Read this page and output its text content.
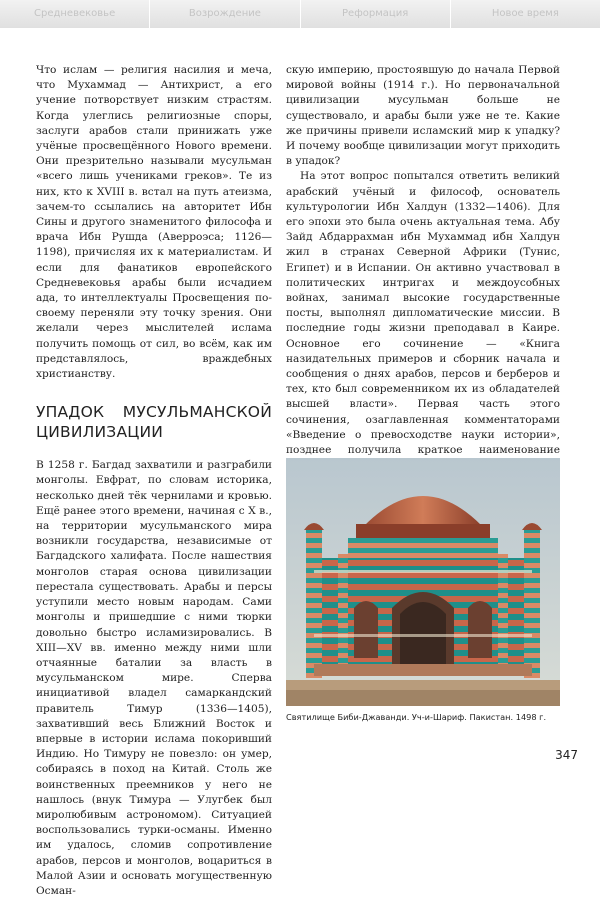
Средневековье	Возрождение	Реформация	Новое время

Что ислам — религия насилия и меча, что Мухаммад — Антихрист, а его учение потворствует низким страстям. Когда улеглись религиозные споры, заслуги арабов стали принижать уже учёные просвещённого Нового времени. Они презрительно называли мусульман «всего лишь учениками греков». Те из них, кто к XVIII в. встал на путь атеизма, зачем-то ссылались на авторитет Ибн Сины и другого знаменитого философа и врача Ибн Рушда (Аверроэса; 1126—1198), причисляя их к материалистам. И если для фанатиков европейского Средневековья арабы были исчадием ада, то интеллектуалы Просвещения по-своему переняли эту точку зрения. Они желали через мыслителей ислама получить помощь от сил, во всём, как им представлялось, враждебных христианству.

УПАДОК МУСУЛЬМАНСКОЙ ЦИВИЛИЗАЦИИ

В 1258 г. Багдад захватили и разграбили монголы. Евфрат, по словам историка, несколько дней тёк чернилами и кровью. Ещё ранее этого времени, начиная с X в., на территории мусульманского мира возникли государства, независимые от Багдадского халифата. После нашествия монголов старая основа цивилизации перестала существовать. Арабы и персы уступили место новым народам. Сами монголы и пришедшие с ними тюрки довольно быстро исламизировались. В XIII—XV вв. именно между ними шли отчаянные баталии за власть в мусульманском мире. Сперва инициативой владел самаркандский правитель Тимур (1336—1405), захвативший весь Ближний Восток и впервые в истории ислама покоривший Индию. Но Тимуру не повезло: он умер, собираясь в поход на Китай. Столь же воинственных преемников у него не нашлось (внук Тимура — Улугбек был миролюбивым астрономом). Ситуацией воспользовались турки-османы. Именно им удалось, сломив сопротивление арабов, персов и монголов, воцариться в Малой Азии и основать могущественную Осман-

скую империю, простоявшую до начала Первой мировой войны (1914 г.). Но первоначальной цивилизации мусульман больше не существовало, и арабы были уже не те. Какие же причины привели исламский мир к упадку? И почему вообще цивилизации могут приходить в упадок?

На этот вопрос попытался ответить великий арабский учёный и философ, основатель культурологии Ибн Халдун (1332—1406). Для его эпохи это была очень актуальная тема. Абу Зайд Абдаррахман ибн Мухаммад ибн Халдун жил в странах Северной Африки (Тунис, Египет) и в Испании. Он активно участвовал в политических интригах и междоусобных войнах, занимал высокие государственные посты, выполнял дипломатические миссии. В последние годы жизни преподавал в Каире. Основное его сочинение — «Книга назидательных примеров и сборник начала и сообщения о днях арабов, персов и берберов и тех, кто был современником их из обладателей высшей власти». Первая часть этого сочинения, озаглавленная комментаторами «Введение о превосходстве науки истории», позднее получила краткое наименование

Святилище Биби-Джаванди. Уч-и-Шариф. Пакистан. 1498 г.
347
